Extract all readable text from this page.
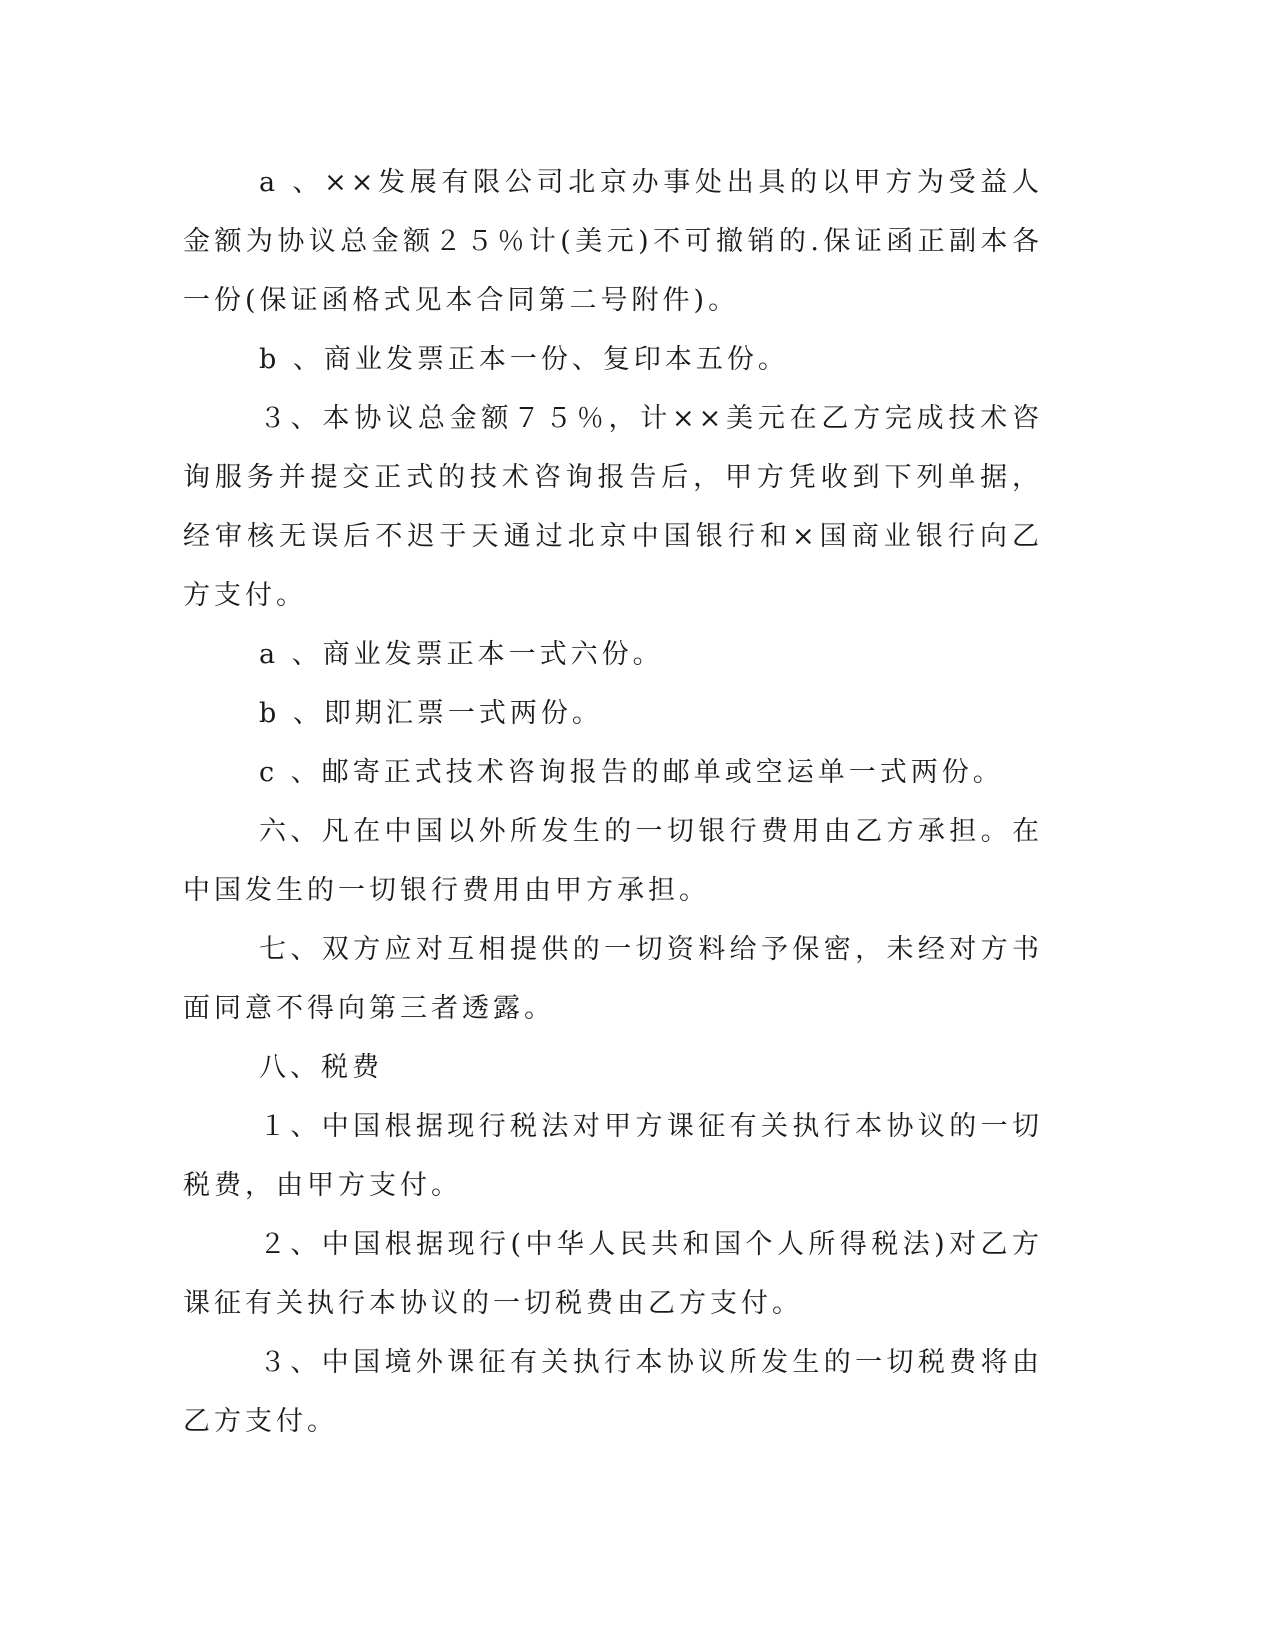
a 、××发展有限公司北京办事处出具的以甲方为受益人金额为协议总金额２５％计(美元)不可撤销的.保证函正副本各一份(保证函格式见本合同第二号附件)。

b 、商业发票正本一份、复印本五份。

３、本协议总金额７５％，计××美元在乙方完成技术咨询服务并提交正式的技术咨询报告后，甲方凭收到下列单据，经审核无误后不迟于天通过北京中国银行和×国商业银行向乙方支付。

a 、商业发票正本一式六份。

b 、即期汇票一式两份。

c 、邮寄正式技术咨询报告的邮单或空运单一式两份。

六、凡在中国以外所发生的一切银行费用由乙方承担。在中国发生的一切银行费用由甲方承担。

七、双方应对互相提供的一切资料给予保密，未经对方书面同意不得向第三者透露。

八、税费

１、中国根据现行税法对甲方课征有关执行本协议的一切税费，由甲方支付。

２、中国根据现行(中华人民共和国个人所得税法)对乙方课征有关执行本协议的一切税费由乙方支付。

３、中国境外课征有关执行本协议所发生的一切税费将由乙方支付。
